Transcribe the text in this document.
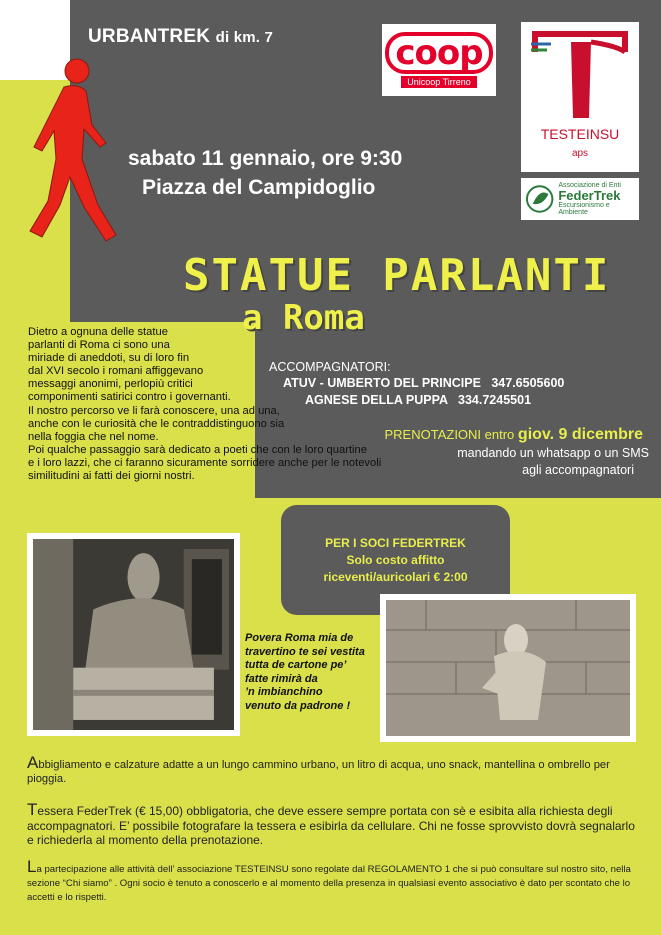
URBANTREK di km. 7	coop
Unicoop Tirreno
TESTEINSU
aps
Associazione di Enti
FederTrek
Escursionismo e Ambiente
sabato 11 gennaio, ore 9:30
Piazza del Campidoglio
STATUE PARLANTI
a Roma
Dietro a ognuna delle statue
parlanti di Roma ci sono una
miriade di aneddoti, su di loro fin
dal XVI secolo i romani affiggevano
messaggi anonimi, perlopiù critici
componimenti satirici contro i governanti.
Il nostro percorso ve li farà conoscere, una ad una,
anche con le curiosità che le contraddistinguono sia
nella foggia che nel nome.
Poi qualche passaggio sarà dedicato a poeti che con le loro quartine
e i loro lazzi, che ci faranno sicuramente sorridere anche per le notevoli
similitudini ai fatti dei giorni nostri.
ACCOMPAGNATORI:
ATUV - UMBERTO DEL PRINCIPE   347.6505600
AGNESE DELLA PUPPA   334.7245501
PRENOTAZIONI entro giov. 9 dicembre
mandando un whatsapp o un SMS
agli accompagnatori
PER I SOCI FEDERTREK
Solo costo affitto
riceventi/auricolari € 2:00
Povera Roma mia de
travertino te sei vestita
tutta de cartone pe’
fatte rimirà da
’n imbianchino
venuto da padrone !
Abbigliamento e calzature adatte a un lungo cammino urbano, un litro di acqua, uno snack, mantellina o ombrello per pioggia.
Tessera FederTrek (€ 15,00) obbligatoria, che deve essere sempre portata con sè e esibita alla richiesta degli accompagnatori. E’ possibile fotografare la tessera e esibirla da cellulare. Chi ne fosse sprovvisto dovrà segnalarlo e richiederla al momento della prenotazione.
La partecipazione alle attività dell’ associazione TESTEINSU sono regolate dal REGOLAMENTO 1 che si può consultare sul nostro sito, nella sezione “Chi siamo” . Ogni socio è tenuto a conoscerlo e al momento della presenza in qualsiasi evento associativo è dato per scontato che lo accetti e lo rispetti.
